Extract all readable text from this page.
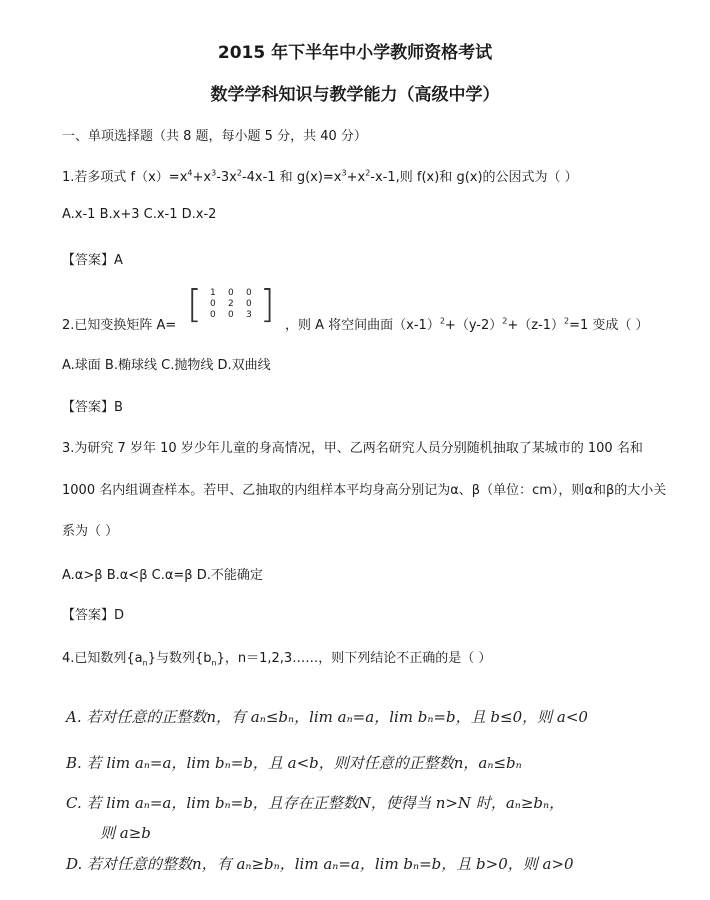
2015 年下半年中小学教师资格考试
数学学科知识与教学能力（高级中学）
一、单项选择题（共 8 题，每小题 5 分，共 40 分）
1.若多项式 $f(x)=x^4+x^3-3x^2-4x-1$ 和 $g(x)=x^3+x^2-x-1$,则 f(x)和 g(x)的公因式为（ ）
A.x-1 B.x+3 C.x-1 D.x-2
【答案】A
2.已知变换矩阵 A= [ 1	0	0
0	2	0
0	0	3 ] ，则 A 将空间曲面$(x-1)^2+(y-2)^2+(z-1)^2=1$ 变成（ ）
A.球面 B.椭球线 C.抛物线 D.双曲线
【答案】B
3.为研究 7 岁年 10 岁少年儿童的身高情况，甲、乙两名研究人员分别随机抽取了某城市的 100 名和
1000 名内组调查样本。若甲、乙抽取的内组样本平均身高分别记为α、β（单位：cm），则α和β的大小关
系为（ ）
A.α>β B.α<β C.α=β D.不能确定
【答案】D
4.已知数列$\{a_n\}$与数列$\{b_n\}$，n＝1,2,3……，则下列结论不正确的是（ ）
A. 若对任意的正整数n，有 aₙ≤bₙ，lim aₙ=a，lim bₙ=b，且 b≤0，则 a<0
B. 若 lim aₙ=a，lim bₙ=b，且 a<b，则对任意的正整数n，aₙ≤bₙ
C. 若 lim aₙ=a，lim bₙ=b，且存在正整数N，使得当 n>N 时，aₙ≥bₙ，
则 a≥b
D. 若对任意的整数n，有 aₙ≥bₙ，lim aₙ=a，lim bₙ=b，且 b>0，则 a>0
